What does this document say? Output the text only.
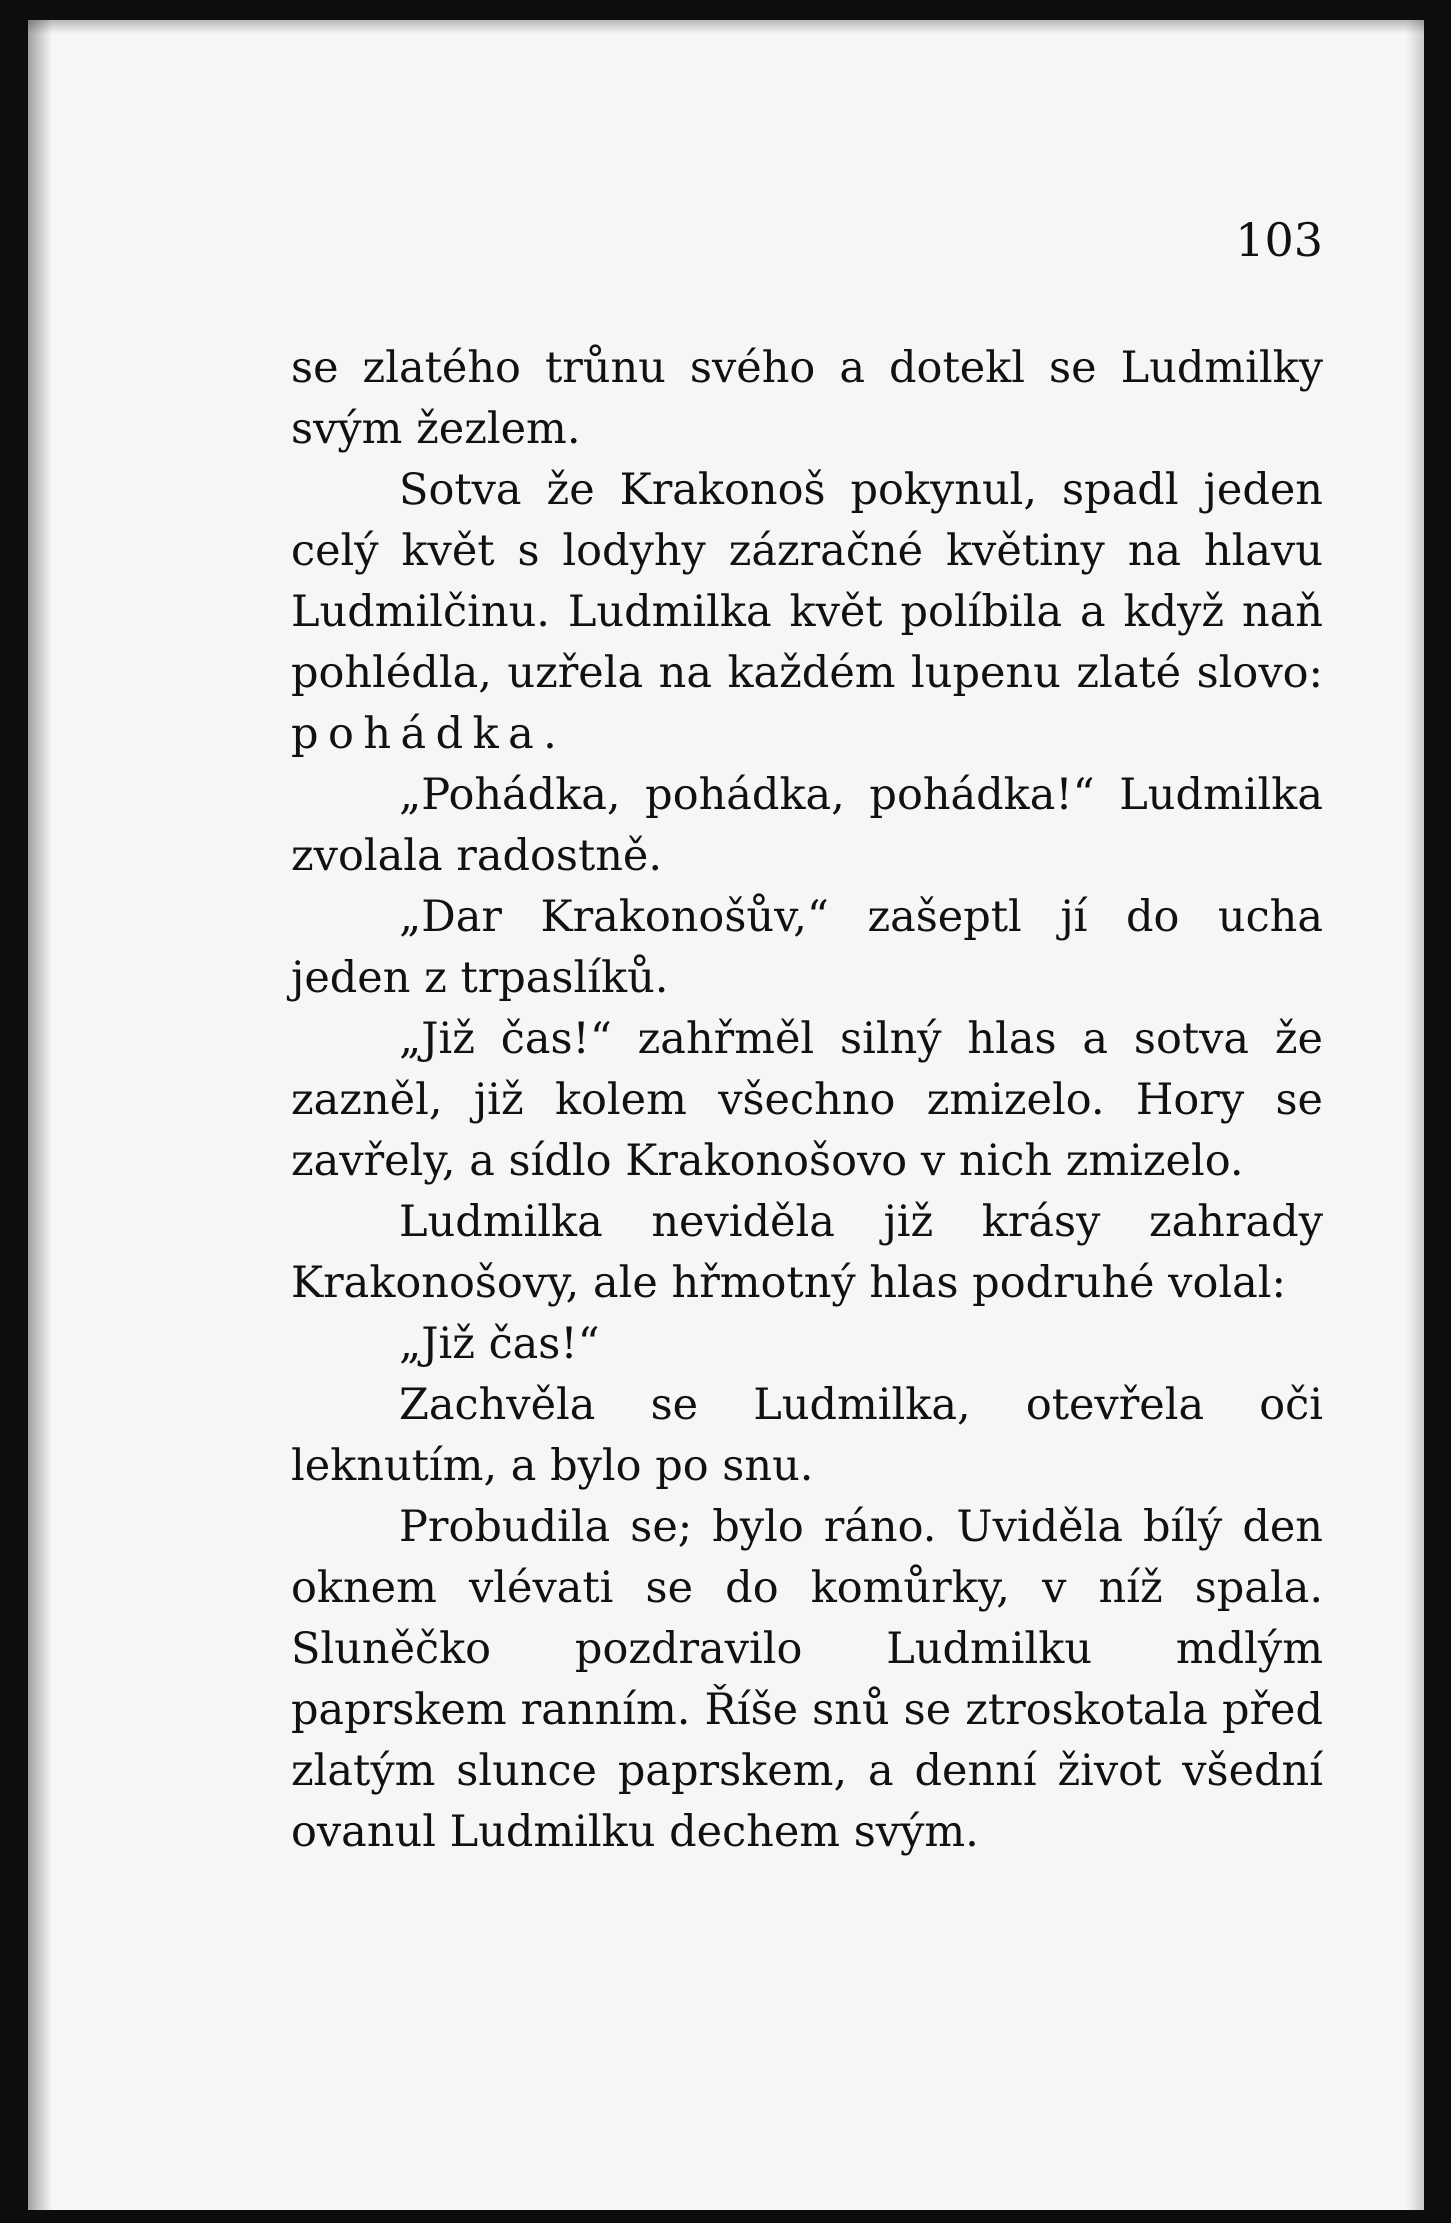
103

se zlatého trůnu svého a dotekl se Ludmilky svým žezlem.

Sotva že Krakonoš pokynul, spadl jeden celý květ s lodyhy zázračné květiny na hlavu Ludmilčinu. Ludmilka květ políbila a když naň pohlédla, uzřela na každém lupenu zlaté slovo: pohádka.

„Pohádka, pohádka, pohádka!“ Ludmilka zvolala radostně.

„Dar Krakonošův,“ zašeptl jí do ucha jeden z trpaslíků.

„Již čas!“ zahřměl silný hlas a sotva že zazněl, již kolem všechno zmizelo. Hory se zavřely, a sídlo Krakonošovo v nich zmizelo.

Ludmilka neviděla již krásy zahrady Krakonošovy, ale hřmotný hlas podruhé volal:

„Již čas!“

Zachvěla se Ludmilka, otevřela oči leknutím, a bylo po snu.

Probudila se; bylo ráno. Uviděla bílý den oknem vlévati se do komůrky, v níž spala. Sluněčko pozdravilo Ludmilku mdlým paprskem ranním. Říše snů se ztroskotala před zlatým slunce paprskem, a denní život všední ovanul Ludmilku dechem svým.
